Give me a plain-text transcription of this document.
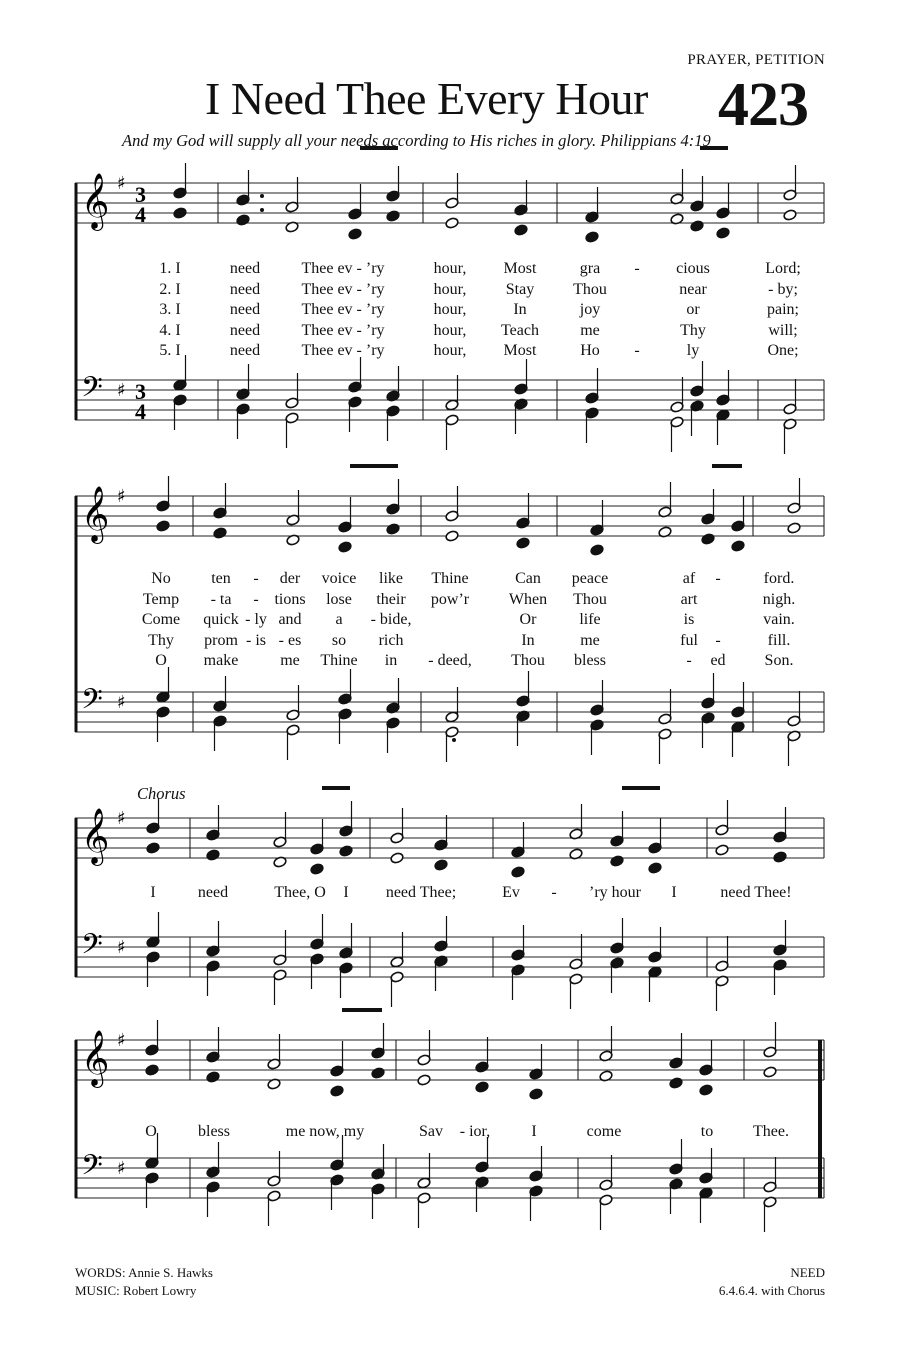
PRAYER, PETITION
I Need Thee Every Hour 423
And my God will supply all your needs according to His riches in glory. Philippians 4:19
𝄞 ♯ 3
4
𝄢 ♯ 3
4
𝄞 ♯
𝄢 ♯
𝄞 ♯
𝄢 ♯
𝄞 ♯
𝄢 ♯
Chorus
1. I	need	Thee ev - ’ry	hour, Most	gra - cious	Lord;
2. I	need	Thee ev - ’ry	hour, Stay Thou	near	- by;
3. I	need	Thee ev - ’ry	hour,	In	joy	or	pain;
4. I	need	Thee ev - ’ry	hour, Teach	me	Thy	will;
5. I	need	Thee ev - ’ry	hour, Most	Ho -	ly	One;
No	ten - der voice like Thine	Can peace	af -	ford.
Temp - ta - tions lose their pow’r When Thou	art	nigh.
Come quick - ly and a - bide,	Or	life	is	vain.
Thy prom - is - es so rich	In	me	ful -	fill.
O make	me Thine in - deed, Thou bless	- ed Son.
I	need	Thee, O I need Thee;	Ev - ’ry hour I	need Thee!
O	bless	me now, my	Sav - ior,	I	come	to Thee.
WORDS: Annie S. Hawks
MUSIC: Robert Lowry
NEED
6.4.6.4. with Chorus
